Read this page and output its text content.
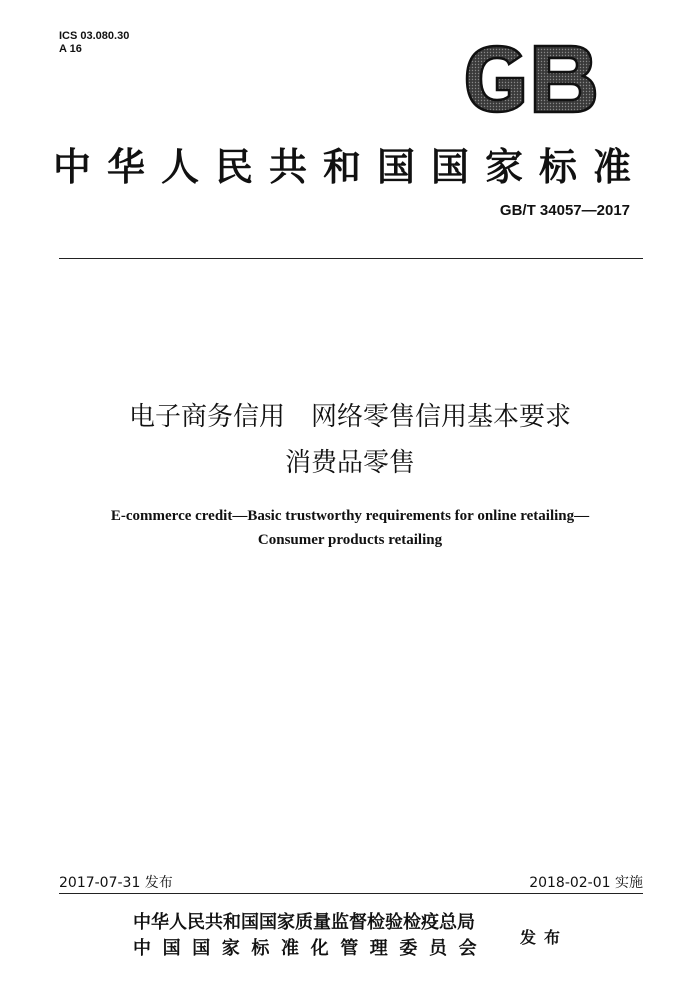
ICS 03.080.30
A 16
中华人民共和国国家标准
GB/T 34057—2017
电子商务信用　网络零售信用基本要求
消费品零售
E-commerce credit—Basic trustworthy requirements for online retailing—
Consumer products retailing
2017-07-31 发布	2018-02-01 实施
中华人民共和国国家质量监督检验检疫总局
中国国家标准化管理委员会
发布
